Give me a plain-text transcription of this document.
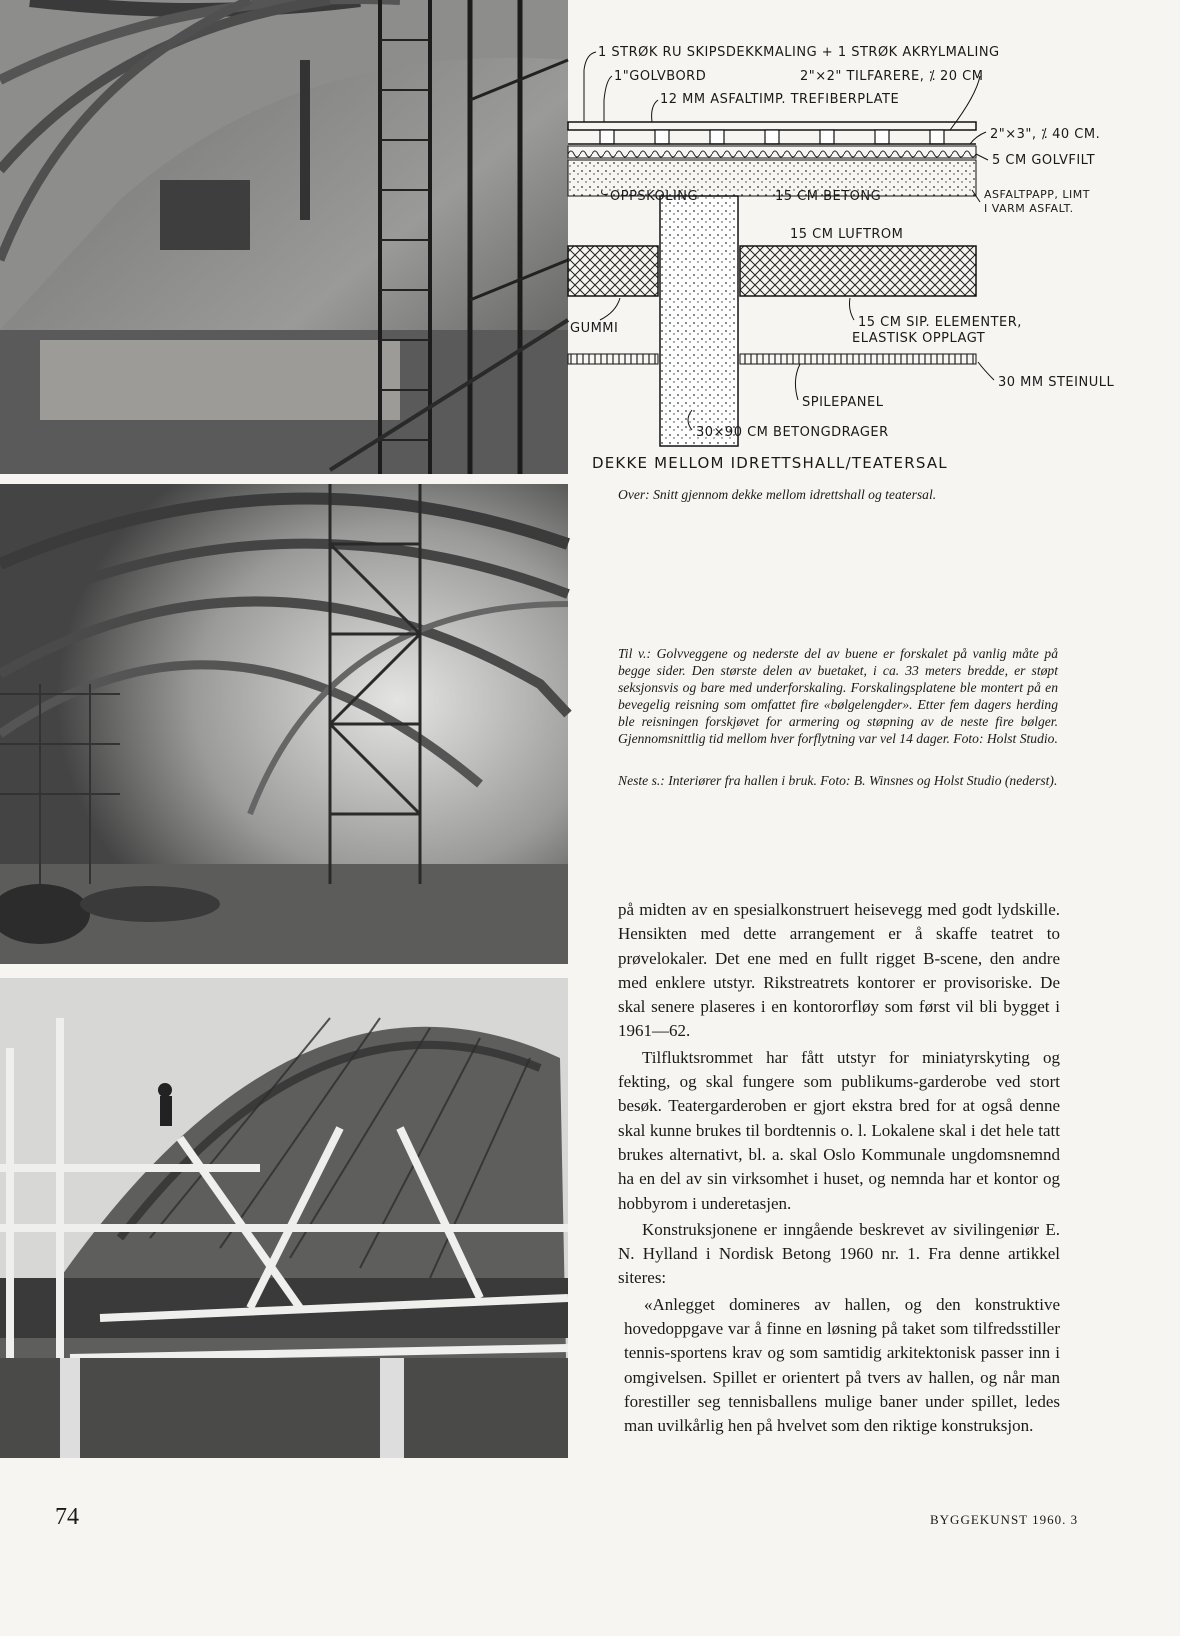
1 STRØK RU SKIPSDEKKMALING + 1 STRØK AKRYLMALING
1"GOLVBORD	2"×2" TILFARERE, ⁒ 20 CM
12 MM ASFALTIMP. TREFIBERPLATE
2"×3", ⁒ 40 CM.
5 CM GOLVFILT
OPPSKOLING	15 CM BETONG	ASFALTPAPP, LIMT
I VARM ASFALT.
15 CM LUFTROM
GUMMI	15 CM SIP. ELEMENTER,
ELASTISK OPPLAGT
SPILEPANEL
30 MM STEINULL
30×90 CM BETONGDRAGER
DEKKE MELLOM IDRETTSHALL/TEATERSAL

Over: Snitt gjennom dekke mellom idrettshall og teatersal.

Til v.: Golvveggene og nederste del av buene er forskalet på vanlig måte på begge sider. Den største delen av buetaket, i ca. 33 meters bredde, er støpt seksjonsvis og bare med underforskaling. Forskalingsplatene ble montert på en bevegelig reisning som omfattet fire «bølgelengder». Etter fem dagers herding ble reisningen forskjøvet for armering og støpning av de neste fire bølger. Gjennomsnittlig tid mellom hver forflytning var vel 14 dager. Foto: Holst Studio.

Neste s.: Interiører fra hallen i bruk. Foto: B. Winsnes og Holst Studio (nederst).

på midten av en spesialkonstruert heisevegg med godt lydskille. Hensikten med dette arrangement er å skaffe teatret to prøvelokaler. Det ene med en fullt rigget B-scene, den andre med enklere utstyr. Rikstreatrets kontorer er provisoriske. De skal senere plaseres i en kontororfløy som først vil bli bygget i 1961—62.

Tilfluktsrommet har fått utstyr for miniatyrskyting og fekting, og skal fungere som publikums-garderobe ved stort besøk. Teatergarderoben er gjort ekstra bred for at også denne skal kunne brukes til bordtennis o. l. Lokalene skal i det hele tatt brukes alternativt, bl. a. skal Oslo Kommunale ungdomsnemnd ha en del av sin virksomhet i huset, og nemnda har et kontor og hobbyrom i underetasjen.

Konstruksjonene er inngående beskrevet av sivilingeniør E. N. Hylland i Nordisk Betong 1960 nr. 1. Fra denne artikkel siteres:

«Anlegget domineres av hallen, og den konstruktive hovedoppgave var å finne en løsning på taket som tilfredsstiller tennis-sportens krav og som samtidig arkitektonisk passer inn i omgivelsen. Spillet er orientert på tvers av hallen, og når man forestiller seg tennisballens mulige baner under spillet, ledes man uvilkårlig hen på hvelvet som den riktige konstruksjon.

74	BYGGEKUNST 1960. 3
